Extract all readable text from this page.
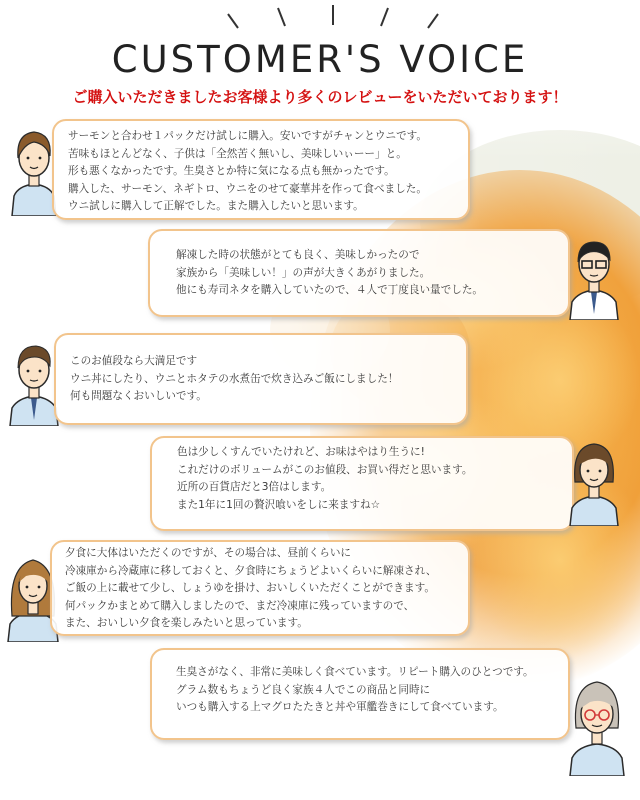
CUSTOMER'S VOICE
ご購入いただきましたお客様より多くのレビューをいただいております！
サーモンと合わせ１パックだけ試しに購入。安いですがチャンとウニです。
苦味もほとんどなく、子供は「全然苦く無いし、美味しいぃーー」と。
形も悪くなかったです。生臭さとか特に気になる点も無かったです。
購入した、サーモン、ネギトロ、ウニをのせて豪華丼を作って食べました。
ウニ試しに購入して正解でした。また購入したいと思います。
解凍した時の状態がとても良く、美味しかったので
家族から「美味しい！」の声が大きくあがりました。
他にも寿司ネタを購入していたので、４人で丁度良い量でした。
このお値段なら大満足です
ウニ丼にしたり、ウニとホタテの水煮缶で炊き込みご飯にしました！
何も問題なくおいしいです。
色は少しくすんでいたけれど、お味はやはり生うに!
これだけのボリュームがこのお値段、お買い得だと思います。
近所の百貨店だと3倍はします。
また1年に1回の贅沢喰いをしに来ますね☆
夕食に大体はいただくのですが、その場合は、昼前くらいに
冷凍庫から冷蔵庫に移しておくと、夕食時にちょうどよいくらいに解凍され、
ご飯の上に載せて少し、しょうゆを掛け、おいしくいただくことができます。
何パックかまとめて購入しましたので、まだ冷凍庫に残っていますので、
また、おいしい夕食を楽しみたいと思っています。
生臭さがなく、非常に美味しく食べています。リピート購入のひとつです。
グラム数もちょうど良く家族４人でこの商品と同時に
いつも購入する上マグロたたきと丼や軍艦巻きにして食べています。
